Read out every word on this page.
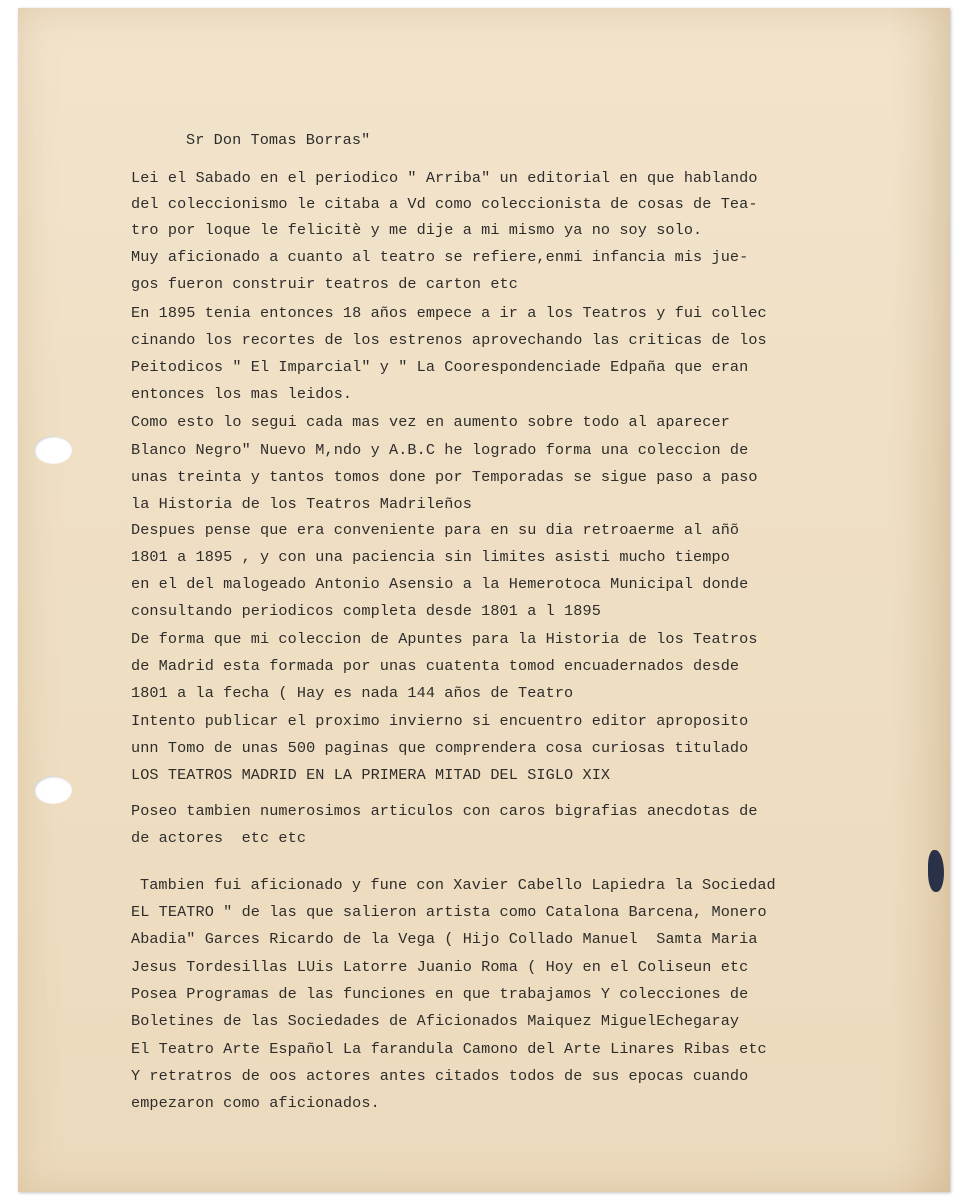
Sr Don Tomas Borras"
Lei el Sabado en el periodico " Arriba" un editorial en que hablando
del coleccionismo le citaba a Vd como coleccionista de cosas de Tea-
tro por loque le felicitè y me dije a mi mismo ya no soy solo.
Muy aficionado a cuanto al teatro se refiere,enmi infancia mis jue-
gos fueron construir teatros de carton etc
En 1895 tenia entonces 18 años empece a ir a los Teatros y fui collec
cinando los recortes de los estrenos aprovechando las criticas de los
Peitodicos " El Imparcial" y " La Coorespondenciade Edpaña que eran
entonces los mas leidos.
Como esto lo segui cada mas vez en aumento sobre todo al aparecer
Blanco Negro" Nuevo M,ndo y A.B.C he logrado forma una coleccion de
unas treinta y tantos tomos done por Temporadas se sigue paso a paso
la Historia de los Teatros Madrileños
Despues pense que era conveniente para en su dia retroaerme al añõ
1801 a 1895 , y con una paciencia sin limites asisti mucho tiempo
en el del malogeado Antonio Asensio a la Hemerotoca Municipal donde
consultando periodicos completa desde 1801 a l 1895
De forma que mi coleccion de Apuntes para la Historia de los Teatros
de Madrid esta formada por unas cuatenta tomod encuadernados desde
1801 a la fecha ( Hay es nada 144 años de Teatro
Intento publicar el proximo invierno si encuentro editor aproposito
unn Tomo de unas 500 paginas que comprendera cosa curiosas titulado
LOS TEATROS MADRID EN LA PRIMERA MITAD DEL SIGLO XIX
Poseo tambien numerosimos articulos con caros bigrafias anecdotas de
de actores  etc etc
Tambien fui aficionado y fune con Xavier Cabello Lapiedra la Sociedad
EL TEATRO " de las que salieron artista como Catalona Barcena, Monero
Abadia" Garces Ricardo de la Vega ( Hijo Collado Manuel  Samta Maria
Jesus Tordesillas LUis Latorre Juanio Roma ( Hoy en el Coliseun etc
Posea Programas de las funciones en que trabajamos Y colecciones de
Boletines de las Sociedades de Aficionados Maiquez MiguelEchegaray
El Teatro Arte Español La farandula Camono del Arte Linares Ribas etc
Y retratros de oos actores antes citados todos de sus epocas cuando
empezaron como aficionados.
